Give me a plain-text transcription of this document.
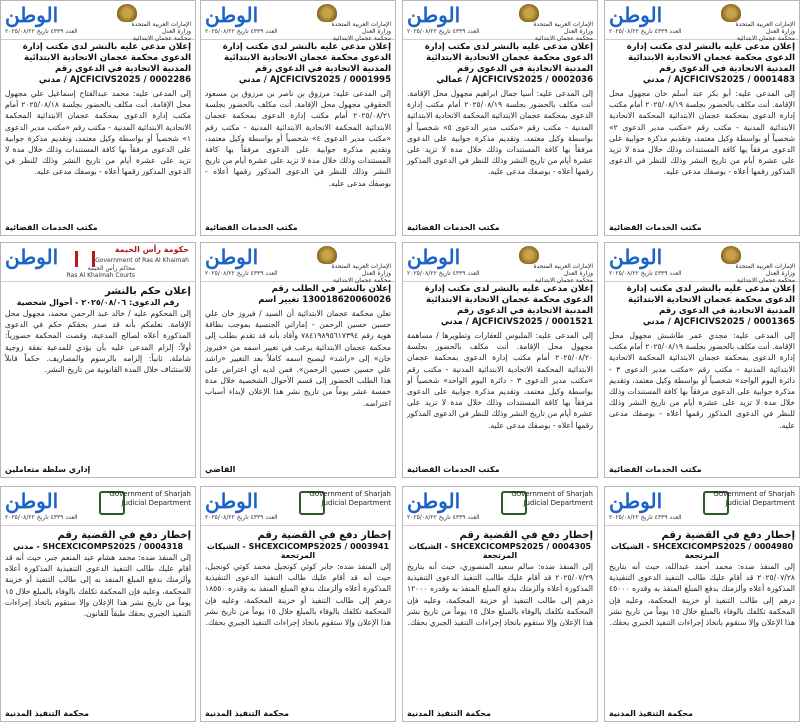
الوطن
العدد ٤٣٣٩ تاريخ ٢٠٢٥/٠٨/٢٢
الإمارات العربية المتحدة
وزارة العدل
محكمة عجمان الابتدائية
إعلان مدعى عليه بالنشر لدى مكتب إدارة الدعوى محكمة عجمان الاتحادية الابتدائية المدنية الاتحادية في الدعوى رقم AJCFICIVS2025 / 0001483 / مدني
إلى المدعى عليه: أبو بكر عبد أسلم خان مجهول محل الإقامة. أنت مكلف بالحضور بجلسة ٢٠٢٥/٠٨/١٩ أمام مكتب إدارة الدعوى بمحكمة عجمان الابتدائية المحكمة الاتحادية الابتدائية المدنية - مكتب رقم «مكتب مدير الدعوى ٢» شخصياً أو بواسطة وكيل معتمد، وتقديم مذكرة جوابية على الدعوى مرفقاً بها كافة المستندات وذلك خلال مدة لا تزيد على عشرة أيام من تاريخ النشر وذلك للنظر في الدعوى المذكور رقمها أعلاه - بوصفك مدعى عليه.
مكتب الخدمات القضائية
الوطن
العدد ٤٣٣٩ تاريخ ٢٠٢٥/٠٨/٢٢
الإمارات العربية المتحدة
وزارة العدل
محكمة عجمان الابتدائية
إعلان مدعى عليه بالنشر لدى مكتب إدارة الدعوى محكمة عجمان الاتحادية الابتدائية المدنية الاتحادية في الدعوى رقم AJCFICIVS2025 / 0002036 / عمالي
إلى المدعى عليه: أسيا جمال ابراهيم مجهول محل الإقامة. أنت مكلف بالحضور بجلسة ٢٠٢٥/٠٨/١٩ أمام مكتب إدارة الدعوى بمحكمة عجمان الابتدائية المحكمة الاتحادية الابتدائية المدنية - مكتب رقم «مكتب مدير الدعوى ٥» شخصياً أو بواسطة وكيل معتمد، وتقديم مذكرة جوابية على الدعوى مرفقاً بها كافة المستندات وذلك خلال مدة لا تزيد على عشرة أيام من تاريخ النشر وذلك للنظر في الدعوى المذكور رقمها أعلاه - بوصفك مدعى عليه.
مكتب الخدمات القضائية
الوطن
العدد ٤٣٣٩ تاريخ ٢٠٢٥/٠٨/٢٢
الإمارات العربية المتحدة
وزارة العدل
محكمة عجمان الابتدائية
إعلان مدعى عليه بالنشر لدى مكتب إدارة الدعوى محكمة عجمان الاتحادية الابتدائية المدنية الاتحادية في الدعوى رقم AJCFICIVS2025 / 0001995 / مدني
إلى المدعى عليه: مرزوق بن ناصر بن مرزوق بن مسعود الحقوقي مجهول محل الإقامة. أنت مكلف بالحضور بجلسة ٢٠٢٥/٠٨/٢١ أمام مكتب إدارة الدعوى بمحكمة عجمان الابتدائية المحكمة الاتحادية الابتدائية المدنية - مكتب رقم «مكتب مدير الدعوى ٤» شخصياً أو بواسطة وكيل معتمد، وتقديم مذكرة جوابية على الدعوى مرفقاً بها كافة المستندات وذلك خلال مدة لا تزيد على عشرة أيام من تاريخ النشر وذلك للنظر في الدعوى المذكور رقمها أعلاه - بوصفك مدعى عليه.
مكتب الخدمات القضائية
الوطن
العدد ٤٣٣٩ تاريخ ٢٠٢٥/٠٨/٢٢
الإمارات العربية المتحدة
وزارة العدل
محكمة عجمان الابتدائية
إعلان مدعى عليه بالنشر لدى مكتب إدارة الدعوى محكمة عجمان الاتحادية الابتدائية المدنية الاتحادية في الدعوى رقم AJCFICIVS2025 / 0002286 / مدني
إلى المدعى عليه: محمد عبدالفتاح إسماعيل علي مجهول محل الإقامة. أنت مكلف بالحضور بجلسة ٢٠٢٥/٠٨/١٨ أمام مكتب إدارة الدعوى بمحكمة عجمان الابتدائية المحكمة الاتحادية الابتدائية المدنية - مكتب رقم «مكتب مدير الدعوى ١» شخصياً أو بواسطة وكيل معتمد، وتقديم مذكرة جوابية على الدعوى مرفقاً بها كافة المستندات وذلك خلال مدة لا تزيد على عشرة أيام من تاريخ النشر وذلك للنظر في الدعوى المذكور رقمها أعلاه - بوصفك مدعى عليه.
مكتب الخدمات القضائية
الوطن
العدد ٤٣٣٩ تاريخ ٢٠٢٥/٠٨/٢٢
الإمارات العربية المتحدة
وزارة العدل
محكمة عجمان الابتدائية
إعلان مدعى عليه بالنشر لدى مكتب إدارة الدعوى محكمة عجمان الاتحادية الابتدائية المدنية الاتحادية في الدعوى رقم AJCFICIVS2025 / 0001365 / مدني
إلى المدعى عليه: مجدي عمر طاشبش مجهول محل الإقامة. أنت مكلف بالحضور بجلسة ٢٠٢٥/٠٨/١٩ أمام مكتب إدارة الدعوى بمحكمة عجمان الابتدائية المحكمة الاتحادية الابتدائية المدنية - مكتب رقم «مكتب مدير الدعوى ٣ - دائرة اليوم الواحد» شخصياً أو بواسطة وكيل معتمد، وتقديم مذكرة جوابية على الدعوى مرفقاً بها كافة المستندات وذلك خلال مدة لا تزيد على عشرة أيام من تاريخ النشر وذلك للنظر في الدعوى المذكور رقمها أعلاه - بوصفك مدعى عليه.
مكتب الخدمات القضائية
الوطن
العدد ٤٣٣٩ تاريخ ٢٠٢٥/٠٨/٢٢
الإمارات العربية المتحدة
وزارة العدل
محكمة عجمان الابتدائية
إعلان مدعى عليه بالنشر لدى مكتب إدارة الدعوى محكمة عجمان الاتحادية الابتدائية المدنية الاتحادية في الدعوى رقم AJCFICIVS2025 / 0001521 / مدني
إلى المدعى عليه: الملبوس للعقارات وتطويرها / مساهمة مجهول محل الإقامة. أنت مكلف بالحضور بجلسة ٢٠٢٥/٠٨/٢٠ أمام مكتب إدارة الدعوى بمحكمة عجمان الابتدائية المحكمة الاتحادية الابتدائية المدنية - مكتب رقم «مكتب مدير الدعوى ٣ - دائرة اليوم الواحد» شخصياً أو بواسطة وكيل معتمد، وتقديم مذكرة جوابية على الدعوى مرفقاً بها كافة المستندات وذلك خلال مدة لا تزيد على عشرة أيام من تاريخ النشر وذلك للنظر في الدعوى المذكور رقمها أعلاه - بوصفك مدعى عليه.
مكتب الخدمات القضائية
الوطن
العدد ٤٣٣٩ تاريخ ٢٠٢٥/٠٨/٢٢
الإمارات العربية المتحدة
وزارة العدل
محكمة عجمان الابتدائية
إعلان بالنشر في الطلب رقم 130018620060026 تغيير اسم
تعلن محكمة عجمان الابتدائية أن السيد / فيروز خان علي حسين حسين الرحمن - إماراتي الجنسية بموجب بطاقة هوية رقم ٧٨٤١٩٨٩٥٦١٧٣٩٤ وأفاد بأنه قد تقدم بطلب إلى محكمة عجمان الابتدائية يرغب في تغيير اسمه من «فيروز خان» إلى «راشد» ليصبح اسمه كاملاً بعد التغيير «راشد علي حسين حسين الرحمن». فمن لديه أي اعتراض على هذا الطلب الحضور إلى قسم الأحوال الشخصية خلال مدة خمسة عشر يوماً من تاريخ نشر هذا الإعلان لإبداء أسباب اعتراضه.
القاضي
الوطن	حكومة رأس الخيمة
Government of Ras Al Khaimah
محاكم رأس الخيمة
Ras Al Khaimah Courts
إعلان حكم بالنشر
رقم الدعوى: ٢٠٢٥/٠٨/٠٦ - أحوال شخصية
إلى المحكوم عليه / خالد عبد الرحمن محمد، مجهول محل الإقامة. نعلمكم بأنه قد صدر بحقكم حكم في الدعوى المذكورة أعلاه لصالح المدعية، وقضت المحكمة حضورياً: أولاً: إلزام المدعى عليه بأن يؤدي للمدعية نفقة زوجية شاملة. ثانياً: إلزامه بالرسوم والمصاريف. حكماً قابلاً للاستئناف خلال المدة القانونية من تاريخ النشر.
إداري سلطة متعاملين
الوطن
العدد ٤٣٣٩ تاريخ ٢٠٢٥/٠٨/٢٢
Government of Sharjah
Judicial Department
إخطار دفع في القضية رقم
SHCEXCICOMPS2025 / 0004980 - الشيكات المرتجعة
إلى المنفذ ضده: محمد أحمد عبدالله، حيث أنه بتاريخ ٢٠٢٥/٠٧/٢٨ قد أقام عليك طالب التنفيذ الدعوى التنفيذية المذكورة أعلاه وألزمتك بدفع المبلغ المنفذ به وقدره ٤٥٠٠٠ درهم إلى طالب التنفيذ أو خزينة المحكمة، وعليه فإن المحكمة تكلفك بالوفاء بالمبلغ خلال ١٥ يوماً من تاريخ نشر هذا الإعلان وإلا ستقوم باتخاذ إجراءات التنفيذ الجبري بحقك.
محكمة التنفيذ المدنية
الوطن
العدد ٤٣٣٩ تاريخ ٢٠٢٥/٠٨/٢٢
Government of Sharjah
Judicial Department
إخطار دفع في القضية رقم
SHCEXCICOMPS2025 / 0004305 - الشيكات المرتجعة
إلى المنفذ ضده: سالم سعيد المنصوري، حيث أنه بتاريخ ٢٠٢٥/٠٧/٢٩ قد أقام عليك طالب التنفيذ الدعوى التنفيذية المذكورة أعلاه وألزمتك بدفع المبلغ المنفذ به وقدره ١٢٠٠٠ درهم إلى طالب التنفيذ أو خزينة المحكمة، وعليه فإن المحكمة تكلفك بالوفاء بالمبلغ خلال ١٥ يوماً من تاريخ نشر هذا الإعلان وإلا ستقوم باتخاذ إجراءات التنفيذ الجبري بحقك.
محكمة التنفيذ المدنية
الوطن
العدد ٤٣٣٩ تاريخ ٢٠٢٥/٠٨/٢٢
Government of Sharjah
Judicial Department
إخطار دفع في القضية رقم
SHCEXCICOMPS2025 / 0003941 - الشيكات المرتجعة
إلى المنفذ ضده: جابر كوثي كونجيل محمد كوتي كونجيل، حيث أنه قد أقام عليك طالب التنفيذ الدعوى التنفيذية المذكورة أعلاه وألزمتك بدفع المبلغ المنفذ به وقدره ١٨٥٥٠ درهم إلى طالب التنفيذ أو خزينة المحكمة، وعليه فإن المحكمة تكلفك بالوفاء بالمبلغ خلال ١٥ يوماً من تاريخ نشر هذا الإعلان وإلا ستقوم باتخاذ إجراءات التنفيذ الجبري بحقك.
محكمة التنفيذ المدنية
الوطن
العدد ٤٣٣٩ تاريخ ٢٠٢٥/٠٨/٢٢
Government of Sharjah
Judicial Department
إخطار دفع في القضية رقم
SHCEXCICOMPS2025 / 0004318 - مدني
إلى المنفذ ضده: محمد هشام عبد المنعم جبر، حيث أنه قد أقام عليك طالب التنفيذ الدعوى التنفيذية المذكورة أعلاه وألزمتك بدفع المبلغ المنفذ به إلى طالب التنفيذ أو خزينة المحكمة، وعليه فإن المحكمة تكلفك بالوفاء بالمبلغ خلال ١٥ يوماً من تاريخ نشر هذا الإعلان وإلا ستقوم باتخاذ إجراءات التنفيذ الجبري بحقك طبقاً للقانون.
محكمة التنفيذ المدنية
